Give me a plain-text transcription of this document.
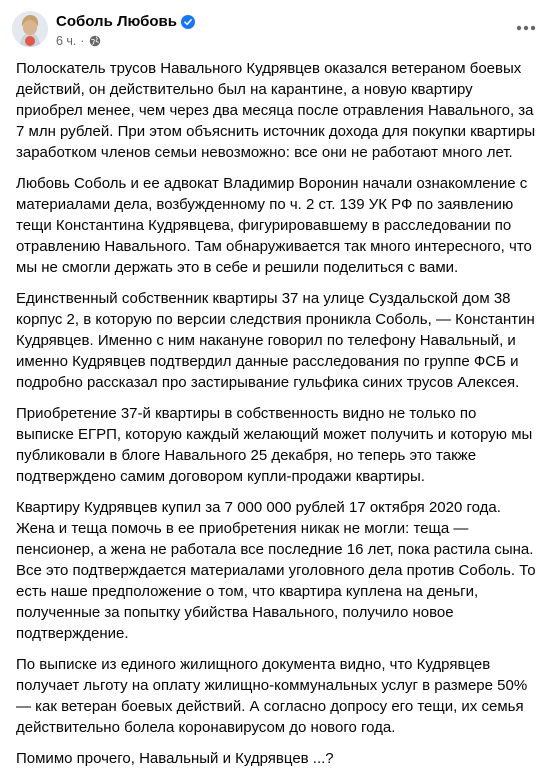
Соболь Любовь
6 ч. ·

Полоскатель трусов Навального Кудрявцев оказался ветераном боевых действий, он действительно был на карантине, а новую квартиру приобрел менее, чем через два месяца после отравления Навального, за 7 млн рублей. При этом объяснить источник дохода для покупки квартиры заработком членов семьи невозможно: все они не работают много лет.

Любовь Соболь и ее адвокат Владимир Воронин начали ознакомление с материалами дела, возбужденному по ч. 2 ст. 139 УК РФ по заявлению тещи Константина Кудрявцева, фигурировавшему в расследовании по отравлению Навального. Там обнаруживается так много интересного, что мы не смогли держать это в себе и решили поделиться с вами.

Единственный собственник квартиры 37 на улице Суздальской дом 38 корпус 2, в которую по версии следствия проникла Соболь, — Константин Кудрявцев. Именно с ним накануне говорил по телефону Навальный, и именно Кудрявцев подтвердил данные расследования по группе ФСБ и подробно рассказал про застирывание гульфика синих трусов Алексея.

Приобретение 37-й квартиры в собственность видно не только по выписке ЕГРП, которую каждый желающий может получить и которую мы публиковали в блоге Навального 25 декабря, но теперь это также подтверждено самим договором купли-продажи квартиры.

Квартиру Кудрявцев купил за 7 000 000 рублей 17 октября 2020 года. Жена и теща помочь в ее приобретения никак не могли: теща — пенсионер, а жена не работала все последние 16 лет, пока растила сына. Все это подтверждается материалами уголовного дела против Соболь. То есть наше предположение о том, что квартира куплена на деньги, полученные за попытку убийства Навального, получило новое подтверждение.

По выписке из единого жилищного документа видно, что Кудрявцев получает льготу на оплату жилищно-коммунальных услуг в размере 50% — как ветеран боевых действий. А согласно допросу его тещи, их семья действительно болела коронавирусом до нового года.

Помимо прочего, Навальный и Кудрявцев ...?
